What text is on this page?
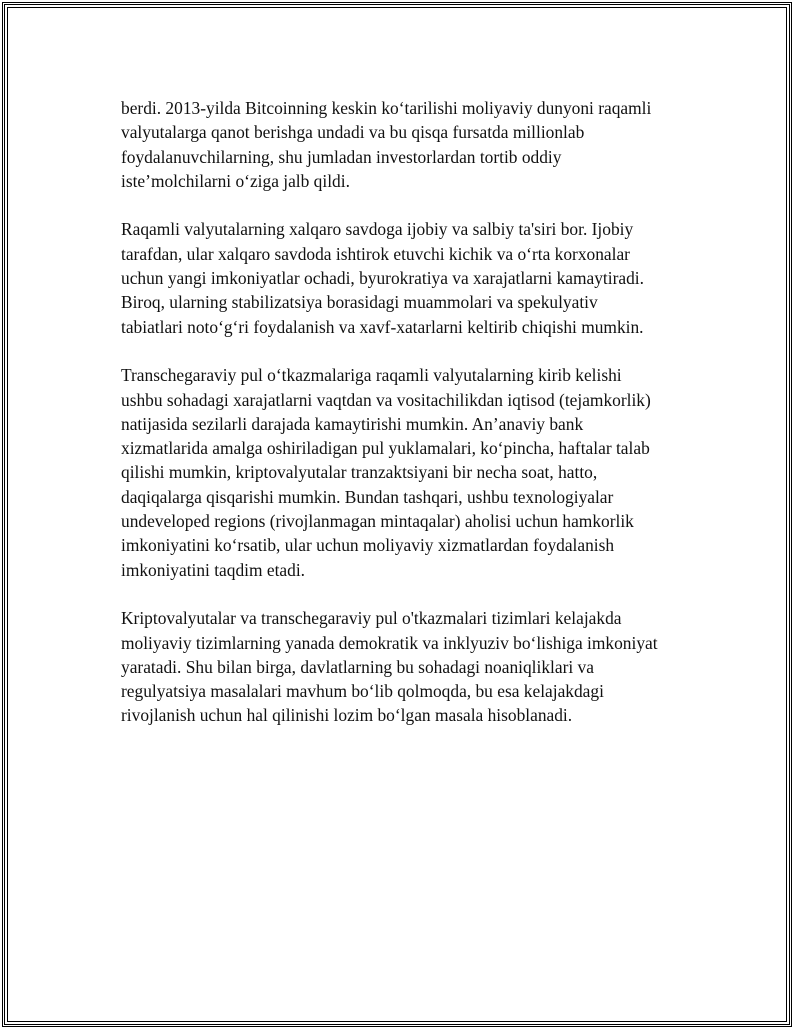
berdi. 2013-yilda Bitcoinning keskin ko‘tarilishi moliyaviy dunyoni raqamli
valyutalarga qanot berishga undadi va bu qisqa fursatda millionlab
foydalanuvchilarning, shu jumladan investorlardan tortib oddiy
iste’molchilarni o‘ziga jalb qildi.

Raqamli valyutalarning xalqaro savdoga ijobiy va salbiy ta'siri bor. Ijobiy
tarafdan, ular xalqaro savdoda ishtirok etuvchi kichik va o‘rta korxonalar
uchun yangi imkoniyatlar ochadi, byurokratiya va xarajatlarni kamaytiradi.
Biroq, ularning stabilizatsiya borasidagi muammolari va spekulyativ
tabiatlari noto‘g‘ri foydalanish va xavf-xatarlarni keltirib chiqishi mumkin.

Transchegaraviy pul o‘tkazmalariga raqamli valyutalarning kirib kelishi
ushbu sohadagi xarajatlarni vaqtdan va vositachilikdan iqtisod (tejamkorlik)
natijasida sezilarli darajada kamaytirishi mumkin. An’anaviy bank
xizmatlarida amalga oshiriladigan pul yuklamalari, ko‘pincha, haftalar talab
qilishi mumkin, kriptovalyutalar tranzaktsiyani bir necha soat, hatto,
daqiqalarga qisqarishi mumkin. Bundan tashqari, ushbu texnologiyalar
undeveloped regions (rivojlanmagan mintaqalar) aholisi uchun hamkorlik
imkoniyatini ko‘rsatib, ular uchun moliyaviy xizmatlardan foydalanish
imkoniyatini taqdim etadi.

Kriptovalyutalar va transchegaraviy pul o'tkazmalari tizimlari kelajakda
moliyaviy tizimlarning yanada demokratik va inklyuziv bo‘lishiga imkoniyat
yaratadi. Shu bilan birga, davlatlarning bu sohadagi noaniqliklari va
regulyatsiya masalalari mavhum bo‘lib qolmoqda, bu esa kelajakdagi
rivojlanish uchun hal qilinishi lozim bo‘lgan masala hisoblanadi.
